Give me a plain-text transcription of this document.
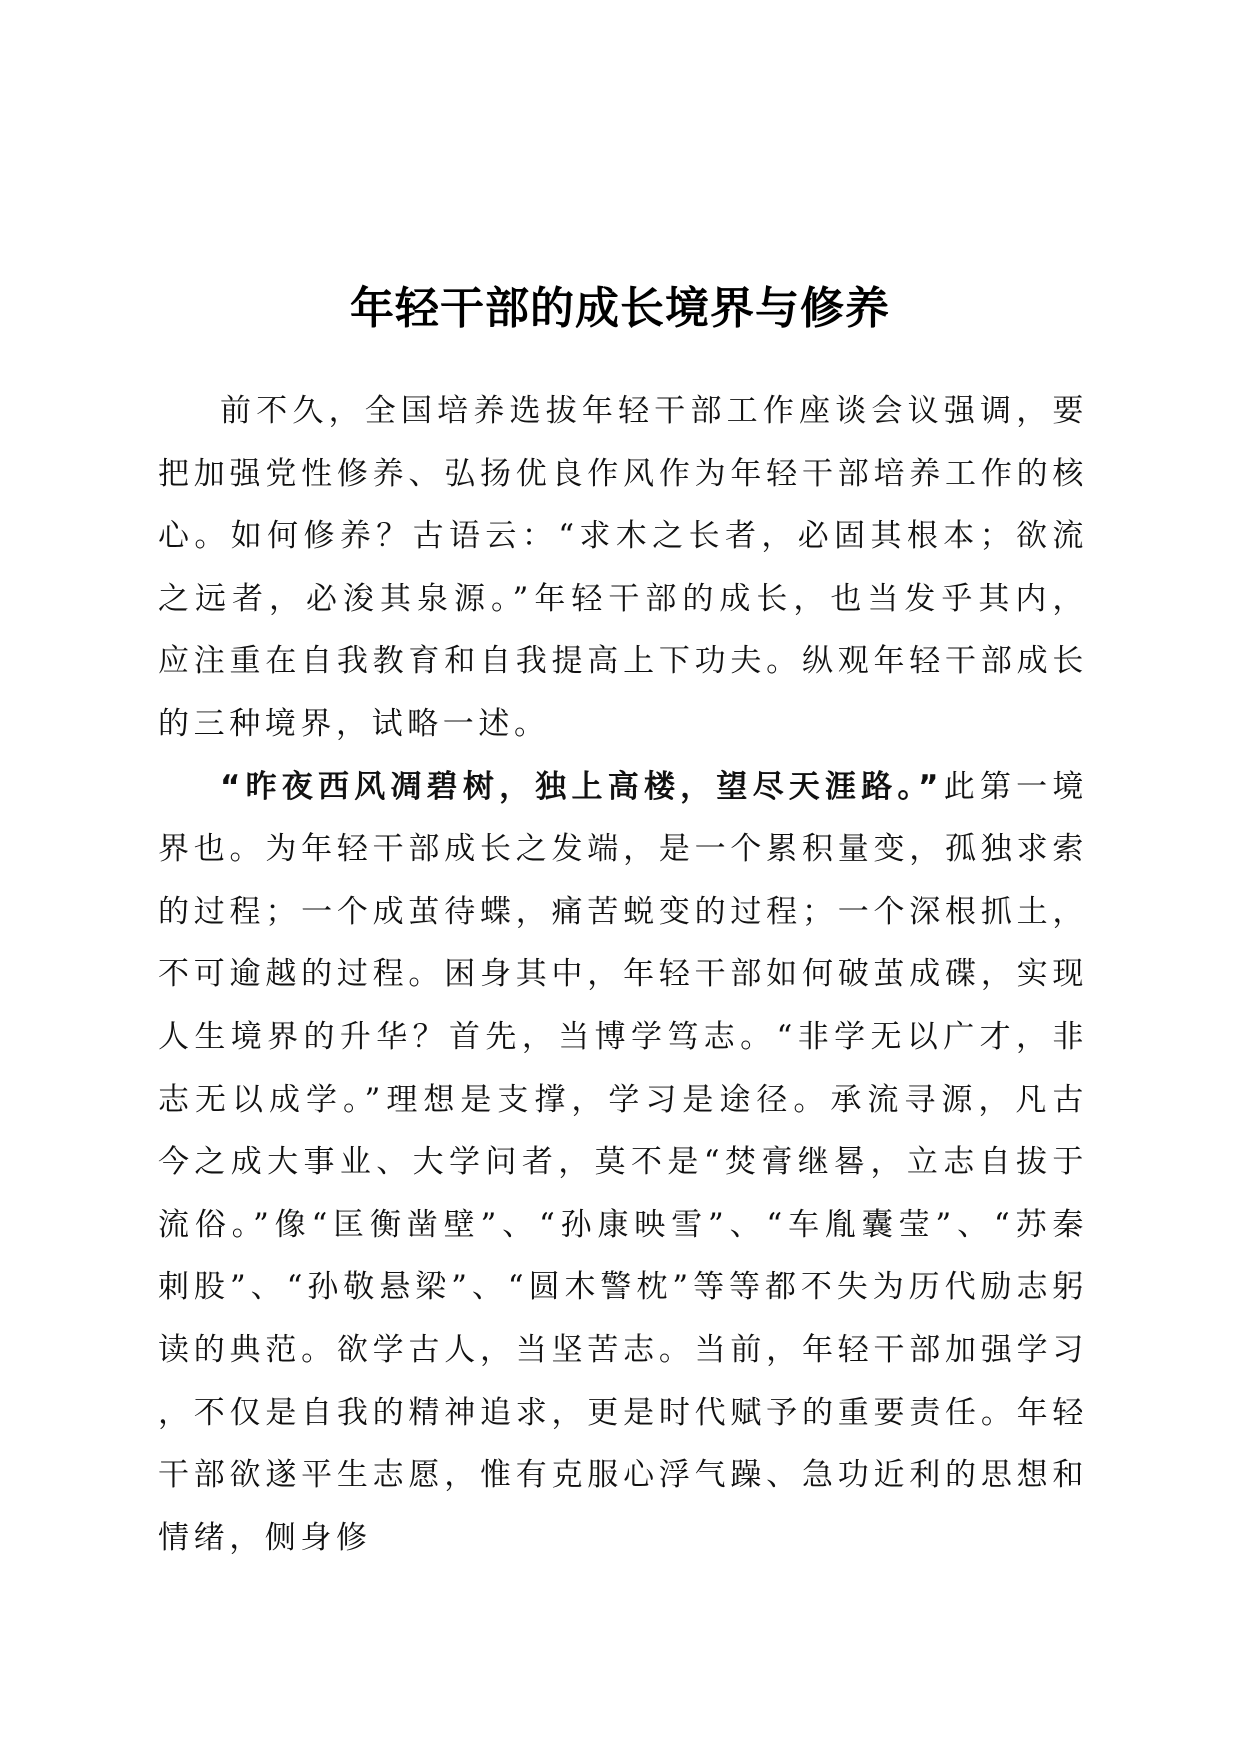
年轻干部的成长境界与修养

前不久，全国培养选拔年轻干部工作座谈会议强调，要把加强党性修养、弘扬优良作风作为年轻干部培养工作的核心。如何修养？古语云：“求木之长者，必固其根本；欲流之远者，必浚其泉源。”年轻干部的成长，也当发乎其内，应注重在自我教育和自我提高上下功夫。纵观年轻干部成长的三种境界，试略一述。

“昨夜西风凋碧树，独上高楼，望尽天涯路。”此第一境界也。为年轻干部成长之发端，是一个累积量变，孤独求索的过程；一个成茧待蝶，痛苦蜕变的过程；一个深根抓土，不可逾越的过程。困身其中，年轻干部如何破茧成碟，实现人生境界的升华？首先，当博学笃志。“非学无以广才，非志无以成学。”理想是支撑，学习是途径。承流寻源，凡古今之成大事业、大学问者，莫不是“焚膏继晷，立志自拔于流俗。”像“匡衡凿壁”、“孙康映雪”、“车胤囊莹”、“苏秦刺股”、“孙敬悬梁”、“圆木警枕”等等都不失为历代励志躬读的典范。欲学古人，当坚苦志。当前，年轻干部加强学习，不仅是自我的精神追求，更是时代赋予的重要责任。年轻干部欲遂平生志愿，惟有克服心浮气躁、急功近利的思想和情绪，侧身修
